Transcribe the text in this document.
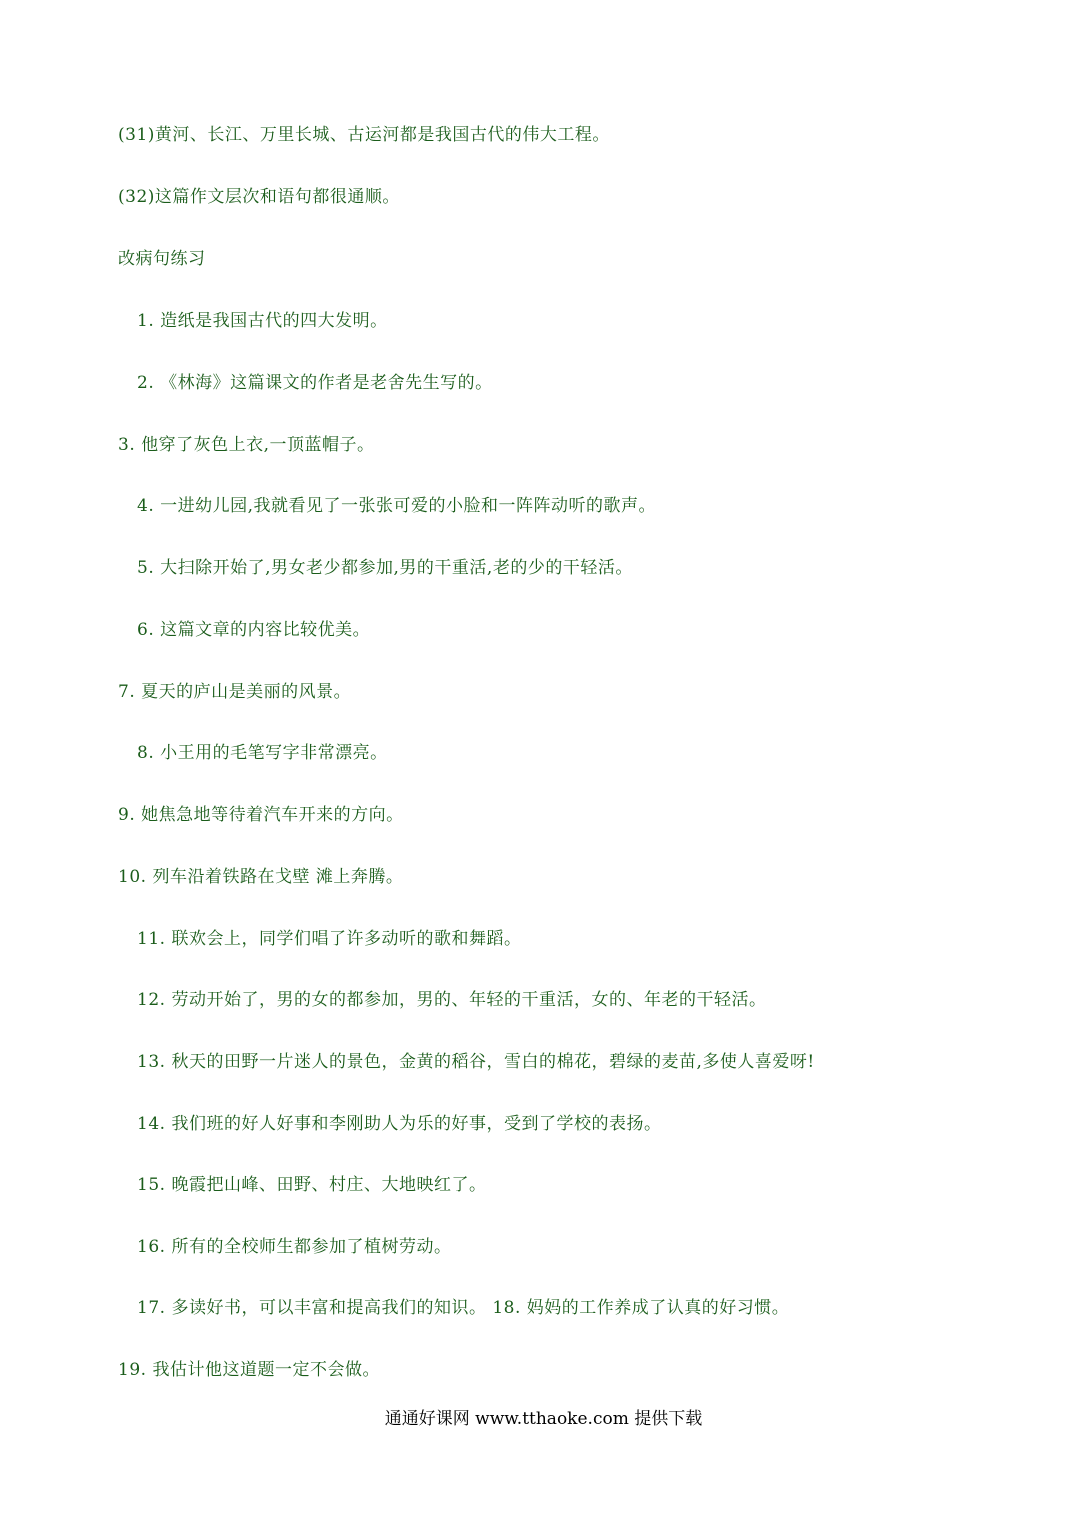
(31)黄河、长江、万里长城、古运河都是我国古代的伟大工程。
(32)这篇作文层次和语句都很通顺。
改病句练习
1. 造纸是我国古代的四大发明。
2. 《林海》这篇课文的作者是老舍先生写的。
3. 他穿了灰色上衣,一顶蓝帽子。
4. 一进幼儿园,我就看见了一张张可爱的小脸和一阵阵动听的歌声。
5. 大扫除开始了,男女老少都参加,男的干重活,老的少的干轻活。
6. 这篇文章的内容比较优美。
7. 夏天的庐山是美丽的风景。
8. 小王用的毛笔写字非常漂亮。
9. 她焦急地等待着汽车开来的方向。
10. 列车沿着铁路在戈壁 滩上奔腾。
11. 联欢会上，同学们唱了许多动听的歌和舞蹈。
12. 劳动开始了，男的女的都参加，男的、年轻的干重活，女的、年老的干轻活。
13. 秋天的田野一片迷人的景色，金黄的稻谷，雪白的棉花，碧绿的麦苗,多使人喜爱呀!
14. 我们班的好人好事和李刚助人为乐的好事，受到了学校的表扬。
15. 晚霞把山峰、田野、村庄、大地映红了。
16. 所有的全校师生都参加了植树劳动。
17. 多读好书，可以丰富和提高我们的知识。 18. 妈妈的工作养成了认真的好习惯。
19. 我估计他这道题一定不会做。
通通好课网 www.tthaoke.com 提供下载
